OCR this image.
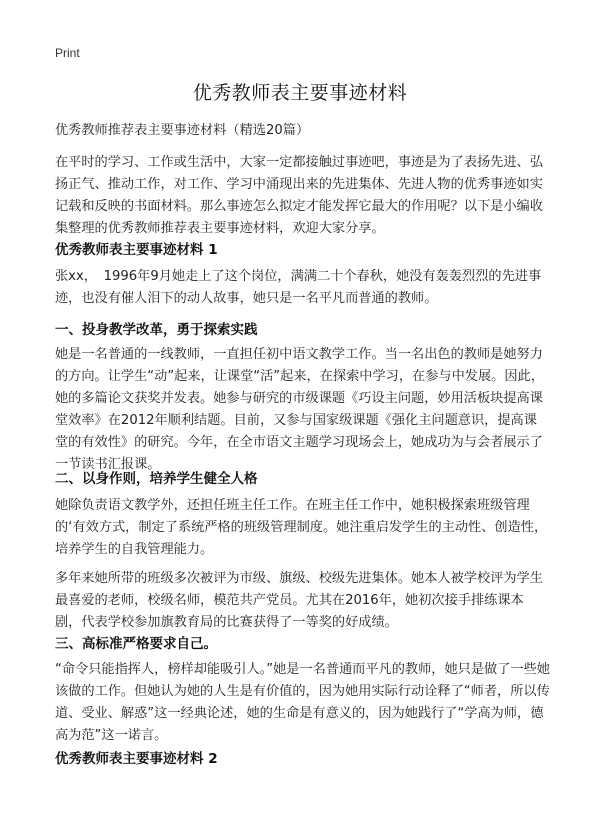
Print
优秀教师表主要事迹材料

优秀教师推荐表主要事迹材料（精选20篇）

在平时的学习、工作或生活中，大家一定都接触过事迹吧，事迹是为了表扬先进、弘扬正气、推动工作，对工作、学习中涌现出来的先进集体、先进人物的优秀事迹如实记载和反映的书面材料。那么事迹怎么拟定才能发挥它最大的作用呢？以下是小编收集整理的优秀教师推荐表主要事迹材料，欢迎大家分享。

优秀教师表主要事迹材料 1

张xx，　1996年9月她走上了这个岗位，满满二十个春秋，她没有轰轰烈烈的先进事迹，也没有催人泪下的动人故事，她只是一名平凡而普通的教师。

一、投身教学改革，勇于探索实践

她是一名普通的一线教师，一直担任初中语文教学工作。当一名出色的教师是她努力的方向。让学生“动”起来，让课堂“活”起来，在探索中学习，在参与中发展。因此，她的多篇论文获奖并发表。她参与研究的市级课题《巧设主问题，妙用活板块提高课堂效率》在2012年顺利结题。目前，又参与国家级课题《强化主问题意识，提高课堂的有效性》的研究。今年，在全市语文主题学习现场会上，她成功为与会者展示了一节读书汇报课。

二、以身作则，培养学生健全人格

她除负责语文教学外，还担任班主任工作。在班主任工作中，她积极探索班级管理的‘有效方式，制定了系统严格的班级管理制度。她注重启发学生的主动性、创造性，培养学生的自我管理能力。

多年来她所带的班级多次被评为市级、旗级、校级先进集体。她本人被学校评为学生最喜爱的老师，校级名师，模范共产党员。尤其在2016年，她初次接手排练课本剧，代表学校参加旗教育局的比赛获得了一等奖的好成绩。

三、高标准严格要求自己。

“命令只能指挥人，榜样却能吸引人。”她是一名普通而平凡的教师，她只是做了一些她该做的工作。但她认为她的人生是有价值的，因为她用实际行动诠释了“师者，所以传道、受业、解惑”这一经典论述，她的生命是有意义的，因为她践行了“学高为师，德高为范”这一诺言。

优秀教师表主要事迹材料 2
